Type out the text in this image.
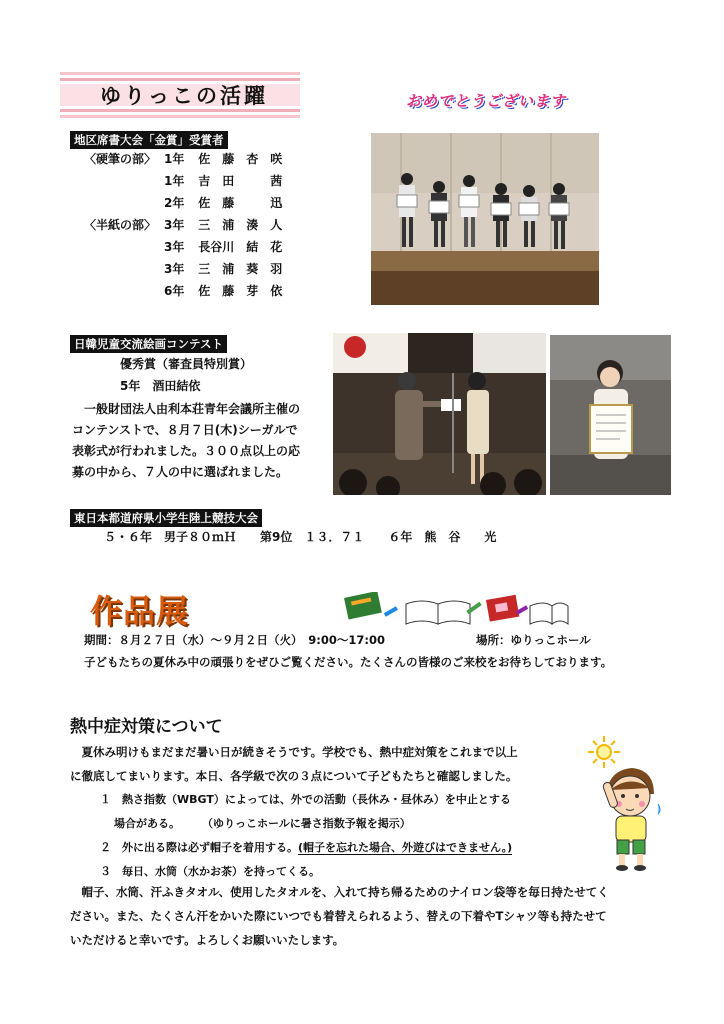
ゆりっこの活躍	おめでとうございます
地区席書大会「金賞」受賞者
〈硬筆の部〉 1年 佐　藤　杏　咲
1年 吉　田　　　茜
2年 佐　藤　　　迅
〈半紙の部〉 3年 三　浦　湊　人
3年 長谷川　結　花
3年 三　浦　葵　羽
6年 佐　藤　芽　依
日韓児童交流絵画コンテスト
優秀賞（審査員特別賞）
5年　酒田結依
　一般財団法人由利本荘青年会議所主催の
コンテンストで、８月７日(木)シーガルで
表彰式が行われました。３００点以上の応
募の中から、７人の中に選ばれました。
東日本都道府県小学生陸上競技大会
５・６年　男子８０ｍＨ　　第9位　１３．７１　　６年　熊　谷　　光
作品展
期間：８月２７日（水）～９月２日（火）　9:00～17:00	場所：ゆりっこホール
子どもたちの夏休み中の頑張りをぜひご覧ください。たくさんの皆様のご来校をお待ちしております。
熱中症対策について
　夏休み明けもまだまだ暑い日が続きそうです。学校でも、熱中症対策をこれまで以上
に徹底してまいります。本日、各学級で次の３点について子どもたちと確認しました。
１　熱さ指数（WBGT）によっては、外での活動（長休み・昼休み）を中止とする
場合がある。　　　（ゆりっこホールに暑さ指数予報を掲示）
２　外に出る際は必ず帽子を着用する。(帽子を忘れた場合、外遊びはできません。)
３　毎日、水筒（水かお茶）を持ってくる。
　帽子、水筒、汗ふきタオル、使用したタオルを、入れて持ち帰るためのナイロン袋等を毎日持たせてく
ださい。また、たくさん汗をかいた際にいつでも着替えられるよう、替えの下着やTシャツ等も持たせて
いただけると幸いです。よろしくお願いいたします。
